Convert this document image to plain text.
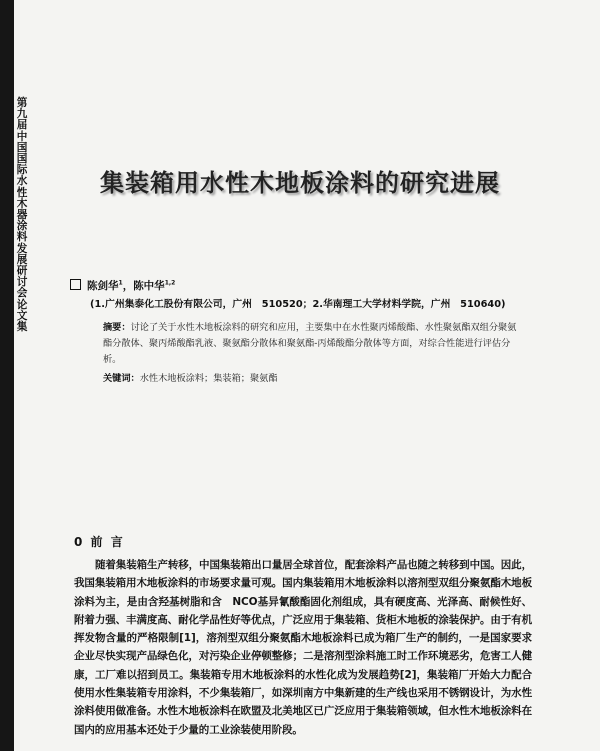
第九届中国国际水性木器涂料发展研讨会论文集
集装箱用水性木地板涂料的研究进展
陈剑华$^1$，陈中华$^{1,2}$
(1.广州集泰化工股份有限公司，广州　510520；2.华南理工大学材料学院，广州　510640)
摘要：讨论了关于水性木地板涂料的研究和应用，主要集中在水性聚丙烯酸酯、水性聚氨酯双组分聚氨酯分散体、聚丙烯酸酯乳液、聚氨酯分散体和聚氨酯-丙烯酸酯分散体等方面，对综合性能进行评估分析。
关键词：水性木地板涂料；集装箱；聚氨酯
0 前 言
随着集装箱生产转移，中国集装箱出口量居全球首位，配套涂料产品也随之转移到中国。因此，我国集装箱用木地板涂料的市场要求量可观。国内集装箱用木地板涂料以溶剂型双组分聚氨酯木地板涂料为主，是由含羟基树脂和含　NCO基异氰酸酯固化剂组成，具有硬度高、光泽高、耐候性好、附着力强、丰满度高、耐化学品性好等优点，广泛应用于集装箱、货柜木地板的涂装保护。由于有机挥发物含量的严格限制[1]，溶剂型双组分聚氨酯木地板涂料已成为箱厂生产的制约，一是国家要求企业尽快实现产品绿色化，对污染企业停顿整修；二是溶剂型涂料施工时工作环境恶劣，危害工人健康，工厂难以招到员工。集装箱专用木地板涂料的水性化成为发展趋势[2]，集装箱厂开始大力配合使用水性集装箱专用涂料，不少集装箱厂，如深圳南方中集新建的生产线也采用不锈钢设计，为水性涂料使用做准备。水性木地板涂料在欧盟及北美地区已广泛应用于集装箱领域，但水性木地板涂料在国内的应用基本还处于少量的工业涂装使用阶段。
